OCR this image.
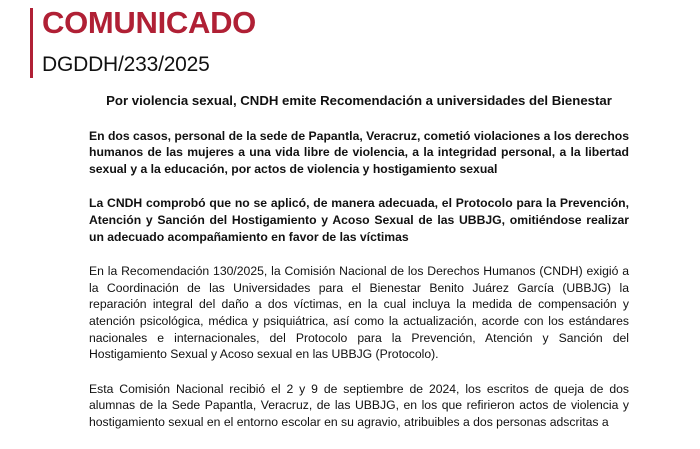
COMUNICADO
DGDDH/233/2025

Por violencia sexual, CNDH emite Recomendación a universidades del Bienestar

En dos casos, personal de la sede de Papantla, Veracruz, cometió violaciones a los derechos humanos de las mujeres a una vida libre de violencia, a la integridad personal, a la libertad sexual y a la educación, por actos de violencia y hostigamiento sexual

La CNDH comprobó que no se aplicó, de manera adecuada, el Protocolo para la Prevención, Atención y Sanción del Hostigamiento y Acoso Sexual de las UBBJG, omitiéndose realizar un adecuado acompañamiento en favor de las víctimas

En la Recomendación 130/2025, la Comisión Nacional de los Derechos Humanos (CNDH) exigió a la Coordinación de las Universidades para el Bienestar Benito Juárez García (UBBJG) la reparación integral del daño a dos víctimas, en la cual incluya la medida de compensación y atención psicológica, médica y psiquiátrica, así como la actualización, acorde con los estándares nacionales e internacionales, del Protocolo para la Prevención, Atención y Sanción del Hostigamiento Sexual y Acoso sexual en las UBBJG (Protocolo).

Esta Comisión Nacional recibió el 2 y 9 de septiembre de 2024, los escritos de queja de dos alumnas de la Sede Papantla, Veracruz, de las UBBJG, en los que refirieron actos de violencia y hostigamiento sexual en el entorno escolar en su agravio, atribuibles a dos personas adscritas a
